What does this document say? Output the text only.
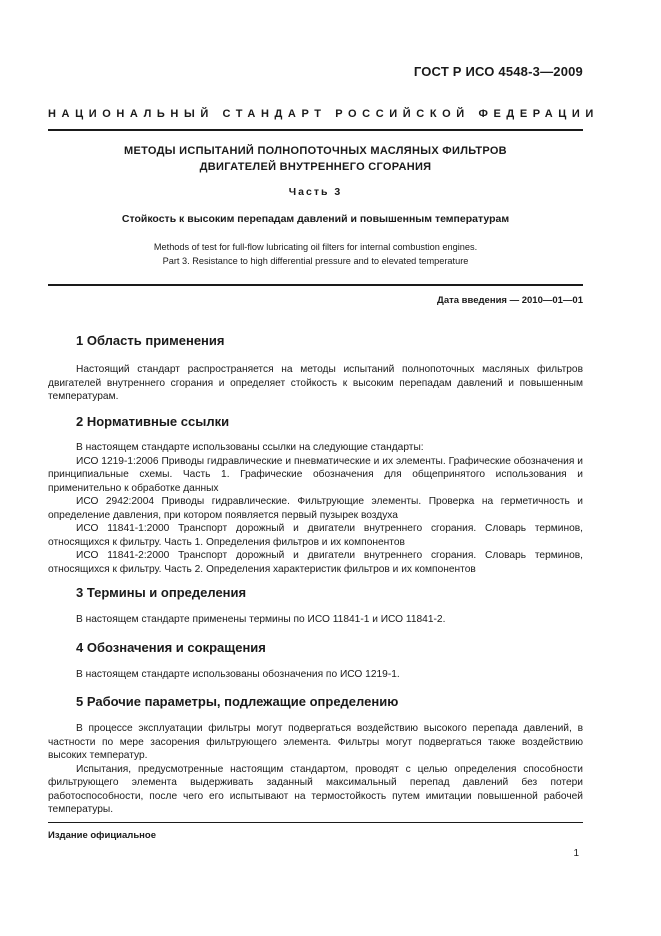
ГОСТ Р ИСО 4548-3—2009
НАЦИОНАЛЬНЫЙ СТАНДАРТ РОССИЙСКОЙ ФЕДЕРАЦИИ
МЕТОДЫ ИСПЫТАНИЙ ПОЛНОПОТОЧНЫХ МАСЛЯНЫХ ФИЛЬТРОВ
ДВИГАТЕЛЕЙ ВНУТРЕННЕГО СГОРАНИЯ
Часть 3
Стойкость к высоким перепадам давлений и повышенным температурам
Methods of test for full-flow lubricating oil filters for internal combustion engines.
Part 3. Resistance to high differential pressure and to elevated temperature
Дата введения — 2010—01—01
1 Область применения

Настоящий стандарт распространяется на методы испытаний полнопоточных масляных фильтров двигателей внутреннего сгорания и определяет стойкость к высоким перепадам давлений и повышенным температурам.

2 Нормативные ссылки

В настоящем стандарте использованы ссылки на следующие стандарты:

ИСО 1219-1:2006 Приводы гидравлические и пневматические и их элементы. Графические обозначения и принципиальные схемы. Часть 1. Графические обозначения для общепринятого использования и применительно к обработке данных

ИСО 2942:2004 Приводы гидравлические. Фильтрующие элементы. Проверка на герметичность и определение давления, при котором появляется первый пузырек воздуха

ИСО 11841-1:2000 Транспорт дорожный и двигатели внутреннего сгорания. Словарь терминов, относящихся к фильтру. Часть 1. Определения фильтров и их компонентов

ИСО 11841-2:2000 Транспорт дорожный и двигатели внутреннего сгорания. Словарь терминов, относящихся к фильтру. Часть 2. Определения характеристик фильтров и их компонентов

3 Термины и определения

В настоящем стандарте применены термины по ИСО 11841-1 и ИСО 11841-2.

4 Обозначения и сокращения

В настоящем стандарте использованы обозначения по ИСО 1219-1.

5 Рабочие параметры, подлежащие определению

В процессе эксплуатации фильтры могут подвергаться воздействию высокого перепада давлений, в частности по мере засорения фильтрующего элемента. Фильтры могут подвергаться также воздействию высоких температур.

Испытания, предусмотренные настоящим стандартом, проводят с целью определения способности фильтрующего элемента выдерживать заданный максимальный перепад давлений без потери работоспособности, после чего его испытывают на термостойкость путем имитации повышенной рабочей температуры.

Издание официальное
1
